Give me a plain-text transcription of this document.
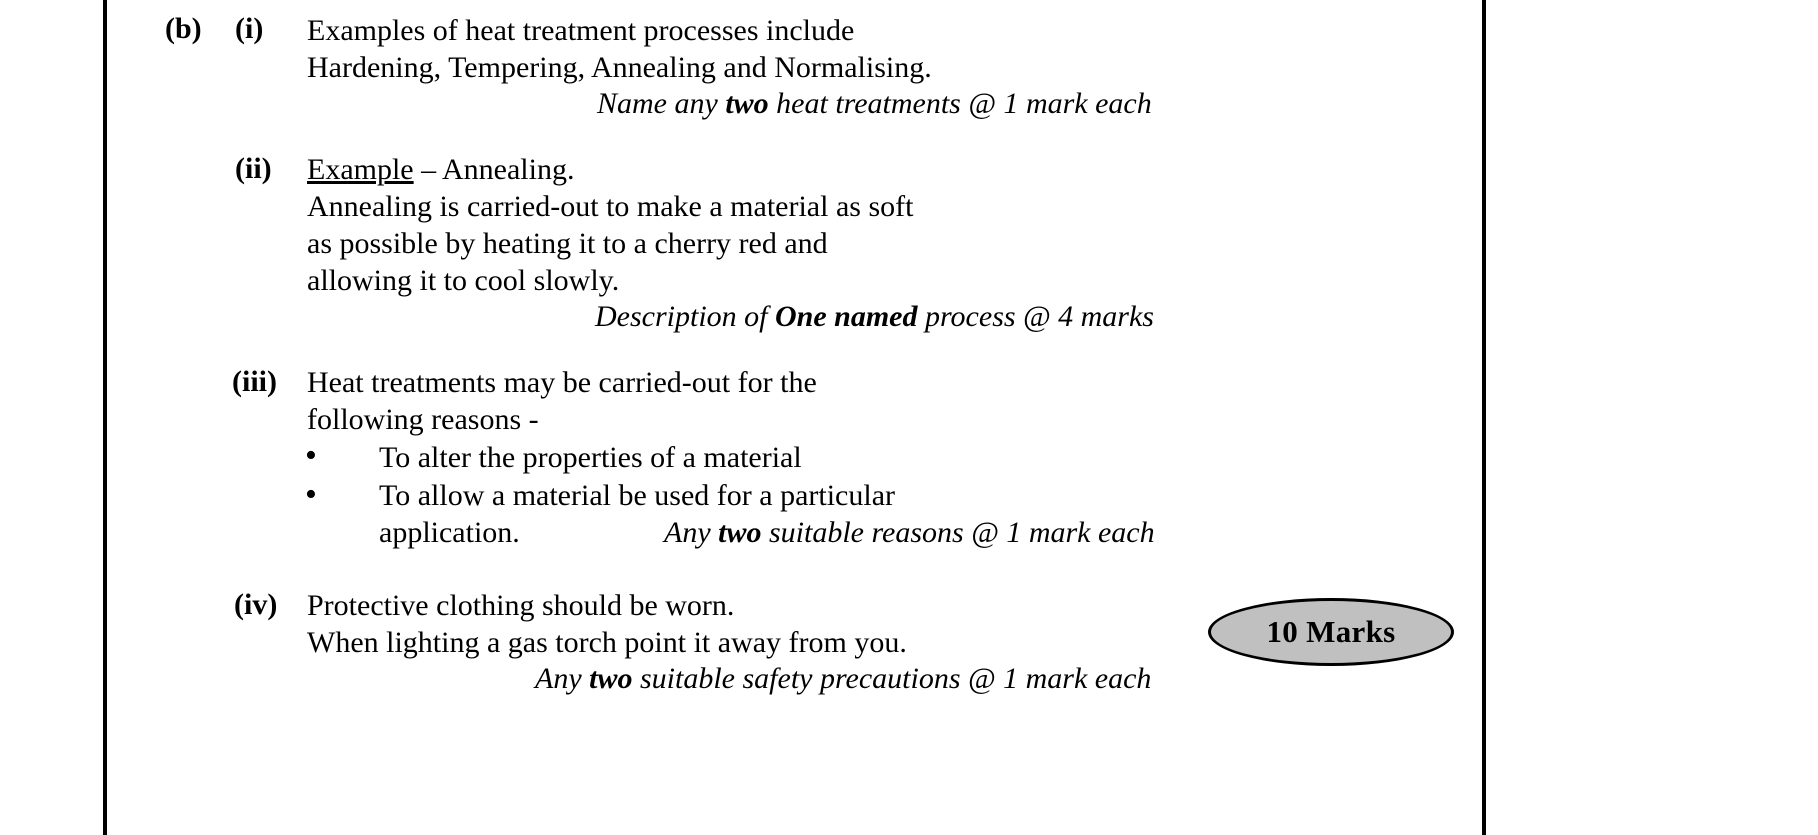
(b) (i) Examples of heat treatment processes include
Hardening, Tempering, Annealing and Normalising.
Name any two heat treatments @ 1 mark each
(ii) Example – Annealing.
Annealing is carried-out to make a material as soft
as possible by heating it to a cherry red and
allowing it to cool slowly.
Description of One named process @ 4 marks
(iii) Heat treatments may be carried-out for the
following reasons -
• To alter the properties of a material
• To allow a material be used for a particular
application.	Any two suitable reasons @ 1 mark each
(iv) Protective clothing should be worn.
When lighting a gas torch point it away from you.
Any two suitable safety precautions @ 1 mark each
10 Marks
